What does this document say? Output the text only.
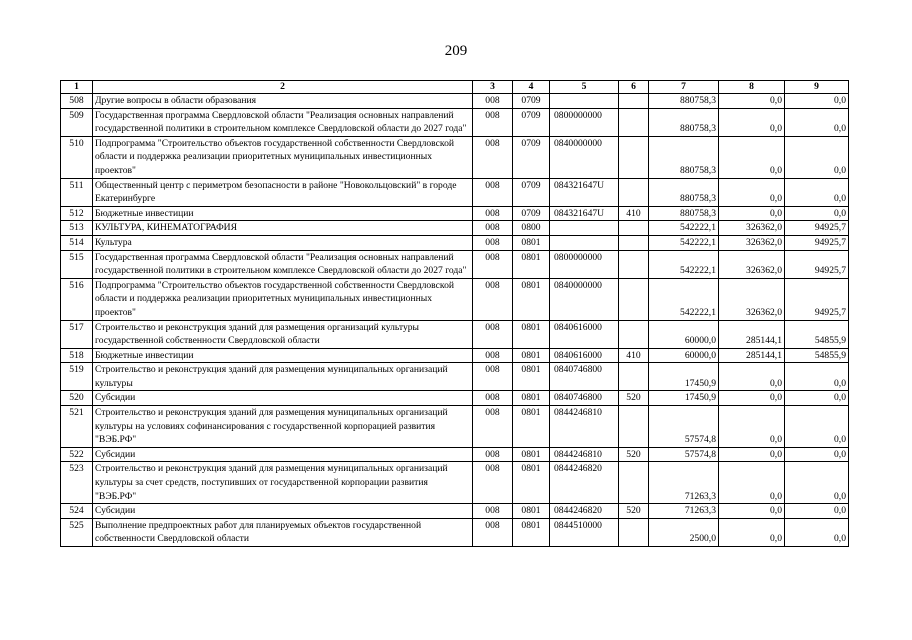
209
1	2	3	4	5	6	7	8	9
508	Другие вопросы в области образования	008	0709			880758,3	0,0	0,0
509	Государственная программа Свердловской области "Реализация основных направлений государственной политики в строительном комплексе Свердловской области до 2027 года"	008	0709	0800000000		880758,3	0,0	0,0
510	Подпрограмма "Строительство объектов государственной собственности Свердловской области и поддержка реализации приоритетных муниципальных инвестиционных проектов"	008	0709	0840000000		880758,3	0,0	0,0
511	Общественный центр с периметром безопасности в районе "Новокольцовский" в городе Екатеринбурге	008	0709	084321647U		880758,3	0,0	0,0
512	Бюджетные инвестиции	008	0709	084321647U	410	880758,3	0,0	0,0
513	КУЛЬТУРА, КИНЕМАТОГРАФИЯ	008	0800			542222,1	326362,0	94925,7
514	Культура	008	0801			542222,1	326362,0	94925,7
515	Государственная программа Свердловской области "Реализация основных направлений государственной политики в строительном комплексе Свердловской области до 2027 года"	008	0801	0800000000		542222,1	326362,0	94925,7
516	Подпрограмма "Строительство объектов государственной собственности Свердловской области и поддержка реализации приоритетных муниципальных инвестиционных проектов"	008	0801	0840000000		542222,1	326362,0	94925,7
517	Строительство и реконструкция зданий для размещения организаций культуры государственной собственности Свердловской области	008	0801	0840616000		60000,0	285144,1	54855,9
518	Бюджетные инвестиции	008	0801	0840616000	410	60000,0	285144,1	54855,9
519	Строительство и реконструкция зданий для размещения муниципальных организаций культуры	008	0801	0840746800		17450,9	0,0	0,0
520	Субсидии	008	0801	0840746800	520	17450,9	0,0	0,0
521	Строительство и реконструкция зданий для размещения муниципальных организаций культуры на условиях софинансирования с государственной корпорацией развития "ВЭБ.РФ"	008	0801	0844246810		57574,8	0,0	0,0
522	Субсидии	008	0801	0844246810	520	57574,8	0,0	0,0
523	Строительство и реконструкция зданий для размещения муниципальных организаций культуры за счет средств, поступивших от государственной корпорации развития "ВЭБ.РФ"	008	0801	0844246820		71263,3	0,0	0,0
524	Субсидии	008	0801	0844246820	520	71263,3	0,0	0,0
525	Выполнение предпроектных работ для планируемых объектов государственной собственности Свердловской области	008	0801	0844510000		2500,0	0,0	0,0
